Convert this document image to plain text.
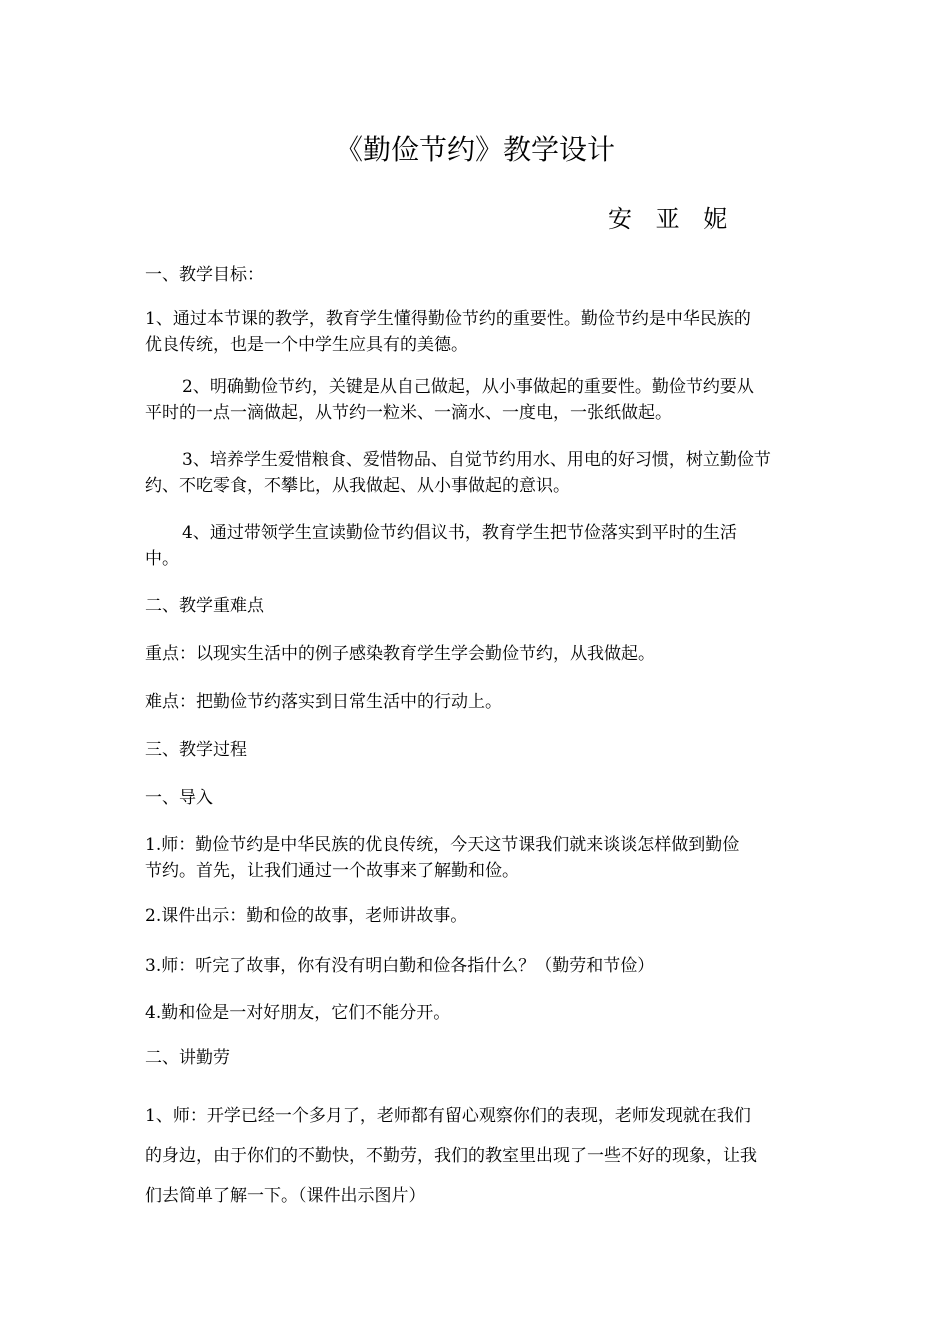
《勤俭节约》教学设计
安 亚 妮
一、教学目标：
1、通过本节课的教学，教育学生懂得勤俭节约的重要性。勤俭节约是中华民族的
优良传统，也是一个中学生应具有的美德。
2、明确勤俭节约，关键是从自己做起，从小事做起的重要性。勤俭节约要从
平时的一点一滴做起，从节约一粒米、一滴水、一度电，一张纸做起。
3、培养学生爱惜粮食、爱惜物品、自觉节约用水、用电的好习惯，树立勤俭节
约、不吃零食，不攀比，从我做起、从小事做起的意识。
4、通过带领学生宣读勤俭节约倡议书，教育学生把节俭落实到平时的生活
中。
二、教学重难点
重点：以现实生活中的例子感染教育学生学会勤俭节约，从我做起。
难点：把勤俭节约落实到日常生活中的行动上。
三、教学过程
一、导入
1.师：勤俭节约是中华民族的优良传统，今天这节课我们就来谈谈怎样做到勤俭
节约。首先，让我们通过一个故事来了解勤和俭。
2.课件出示：勤和俭的故事，老师讲故事。
3.师：听完了故事，你有没有明白勤和俭各指什么？（勤劳和节俭）
4.勤和俭是一对好朋友，它们不能分开。
二、讲勤劳
1、师：开学已经一个多月了，老师都有留心观察你们的表现，老师发现就在我们
的身边，由于你们的不勤快，不勤劳，我们的教室里出现了一些不好的现象，让我
们去简单了解一下。（课件出示图片）
